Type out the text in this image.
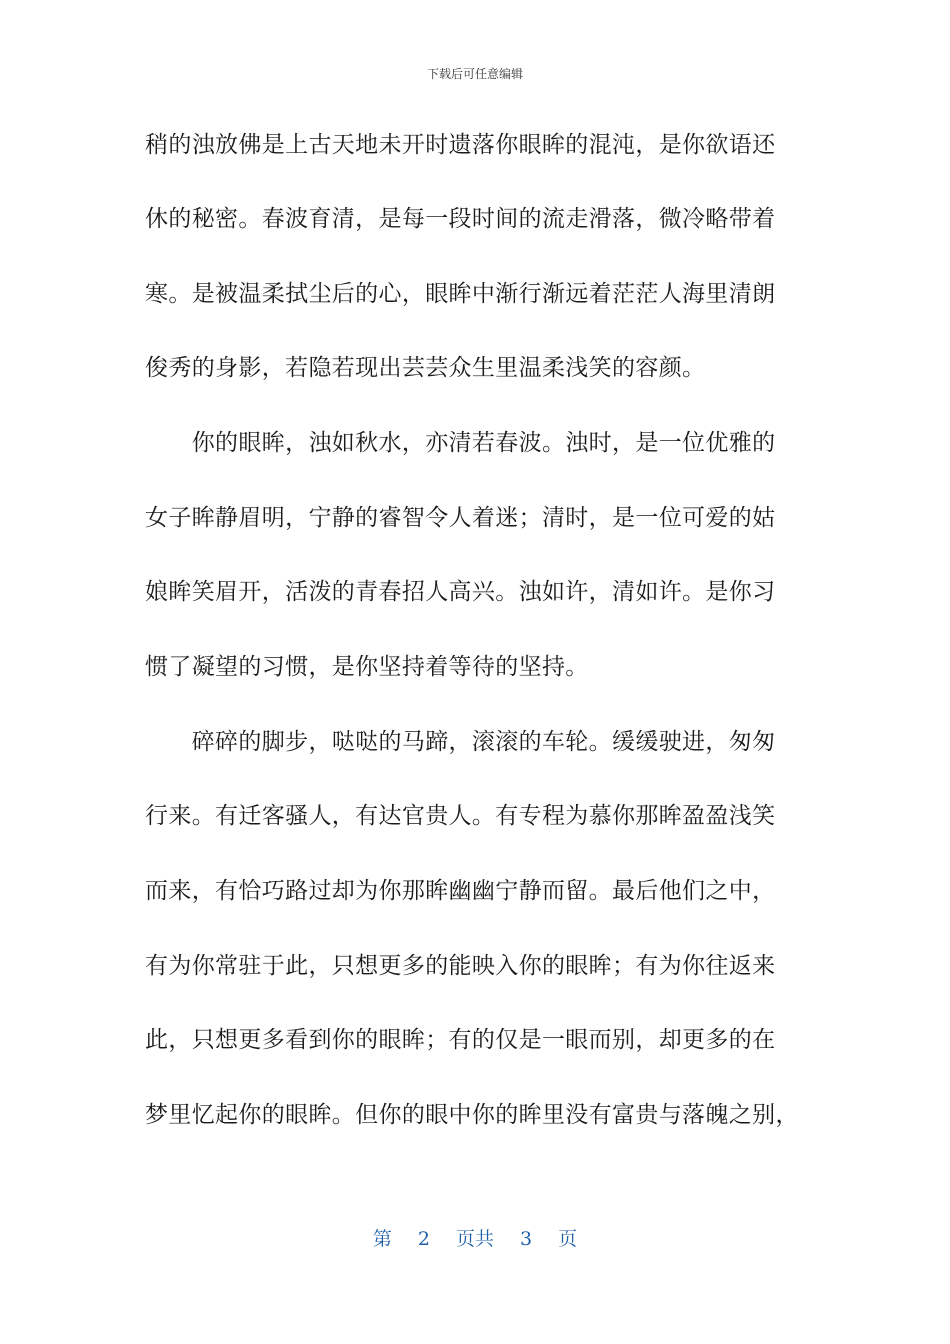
下载后可任意编辑
稍的浊放佛是上古天地未开时遗落你眼眸的混沌，是你欲语还
休的秘密。春波育清，是每一段时间的流走滑落，微冷略带着
寒。是被温柔拭尘后的心，眼眸中渐行渐远着茫茫人海里清朗
俊秀的身影，若隐若现出芸芸众生里温柔浅笑的容颜。
　　你的眼眸，浊如秋水，亦清若春波。浊时，是一位优雅的
女子眸静眉明，宁静的睿智令人着迷；清时，是一位可爱的姑
娘眸笑眉开，活泼的青春招人高兴。浊如许，清如许。是你习
惯了凝望的习惯，是你坚持着等待的坚持。
　　碎碎的脚步，哒哒的马蹄，滚滚的车轮。缓缓驶进，匆匆
行来。有迁客骚人，有达官贵人。有专程为慕你那眸盈盈浅笑
而来，有恰巧路过却为你那眸幽幽宁静而留。最后他们之中，
有为你常驻于此，只想更多的能映入你的眼眸；有为你往返来
此，只想更多看到你的眼眸；有的仅是一眼而别，却更多的在
梦里忆起你的眼眸。但你的眼中你的眸里没有富贵与落魄之别，
第 2 页共 3 页
